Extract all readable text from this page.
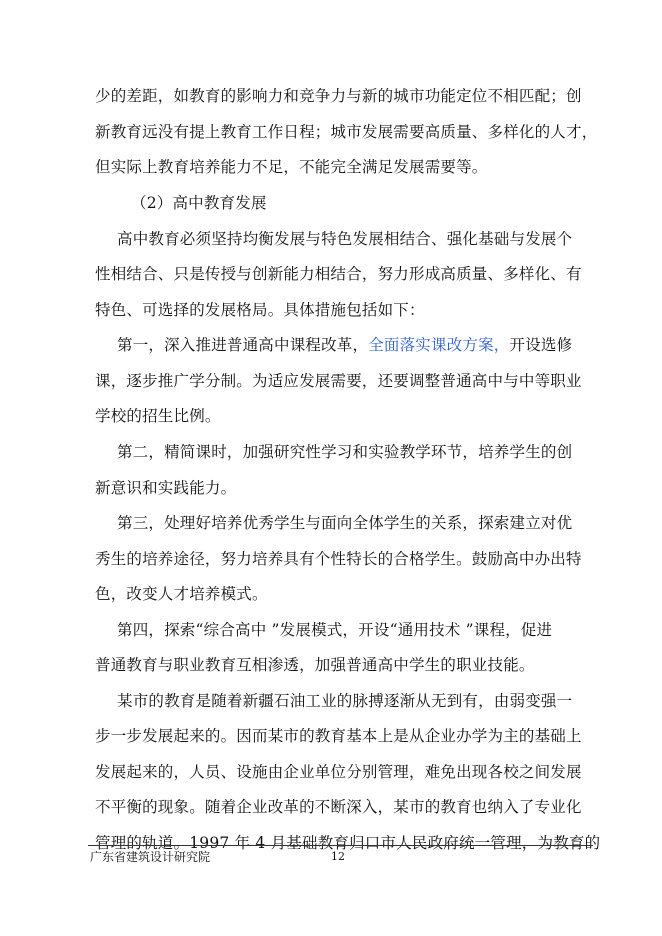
少的差距，如教育的影响力和竞争力与新的城市功能定位不相匹配；创
新教育远没有提上教育工作日程；城市发展需要高质量、多样化的人才，
但实际上教育培养能力不足，不能完全满足发展需要等。
（2）高中教育发展
高中教育必须坚持均衡发展与特色发展相结合、强化基础与发展个
性相结合、只是传授与创新能力相结合，努力形成高质量、多样化、有
特色、可选择的发展格局。具体措施包括如下：
第一，深入推进普通高中课程改革，全面落实课改方案，开设选修
课，逐步推广学分制。为适应发展需要，还要调整普通高中与中等职业
学校的招生比例。
第二，精简课时，加强研究性学习和实验教学环节，培养学生的创
新意识和实践能力。
第三，处理好培养优秀学生与面向全体学生的关系，探索建立对优
秀生的培养途径，努力培养具有个性特长的合格学生。鼓励高中办出特
色，改变人才培养模式。
第四，探索“综合高中 ”发展模式，开设“通用技术 ”课程，促进
普通教育与职业教育互相渗透，加强普通高中学生的职业技能。
某市的教育是随着新疆石油工业的脉搏逐渐从无到有，由弱变强一
步一步发展起来的。因而某市的教育基本上是从企业办学为主的基础上
发展起来的，人员、设施由企业单位分别管理，难免出现各校之间发展
不平衡的现象。随着企业改革的不断深入，某市的教育也纳入了专业化
管理的轨道。1997 年 4 月基础教育归口市人民政府统一管理，为教育的
广东省建筑设计研究院	12
